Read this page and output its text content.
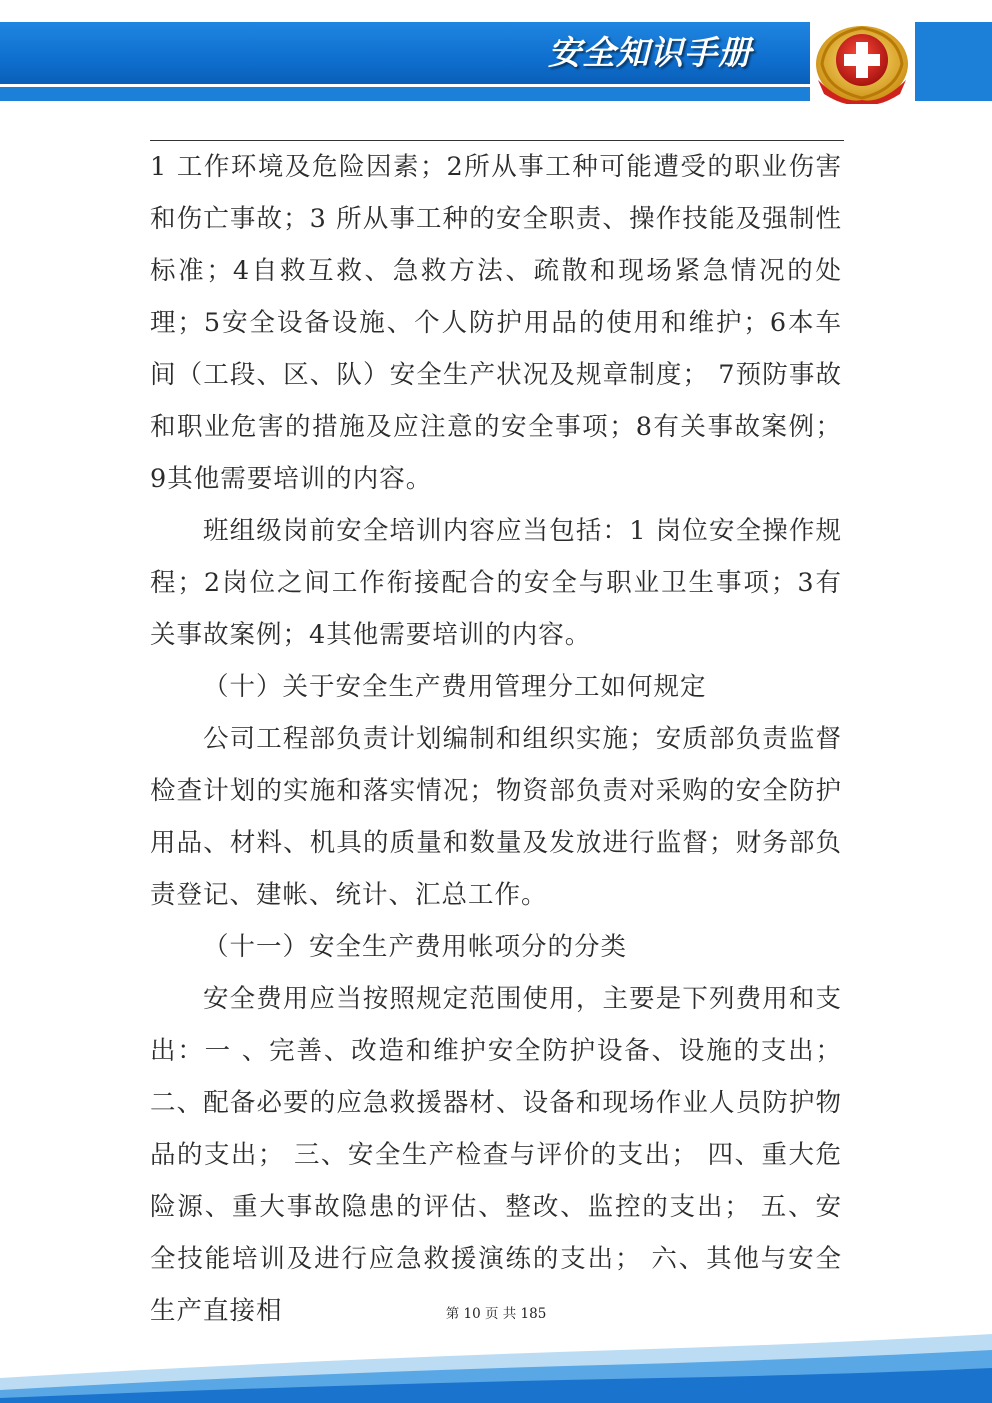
安全知识手册

1 工作环境及危险因素；2所从事工种可能遭受的职业伤害和伤亡事故；3 所从事工种的安全职责、操作技能及强制性标准；4自救互救、急救方法、疏散和现场紧急情况的处理；5安全设备设施、个人防护用品的使用和维护；6本车间（工段、区、队）安全生产状况及规章制度； 7预防事故和职业危害的措施及应注意的安全事项；8有关事故案例； 9其他需要培训的内容。

班组级岗前安全培训内容应当包括：1 岗位安全操作规程；2岗位之间工作衔接配合的安全与职业卫生事项；3有关事故案例；4其他需要培训的内容。

（十）关于安全生产费用管理分工如何规定

公司工程部负责计划编制和组织实施；安质部负责监督检查计划的实施和落实情况；物资部负责对采购的安全防护用品、材料、机具的质量和数量及发放进行监督；财务部负责登记、建帐、统计、汇总工作。

（十一）安全生产费用帐项分的分类

安全费用应当按照规定范围使用，主要是下列费用和支出：一 、完善、改造和维护安全防护设备、设施的支出；二、配备必要的应急救援器材、设备和现场作业人员防护物品的支出； 三、安全生产检查与评价的支出； 四、重大危险源、重大事故隐患的评估、整改、监控的支出； 五、安全技能培训及进行应急救援演练的支出； 六、其他与安全生产直接相	第 10 页 共 185
